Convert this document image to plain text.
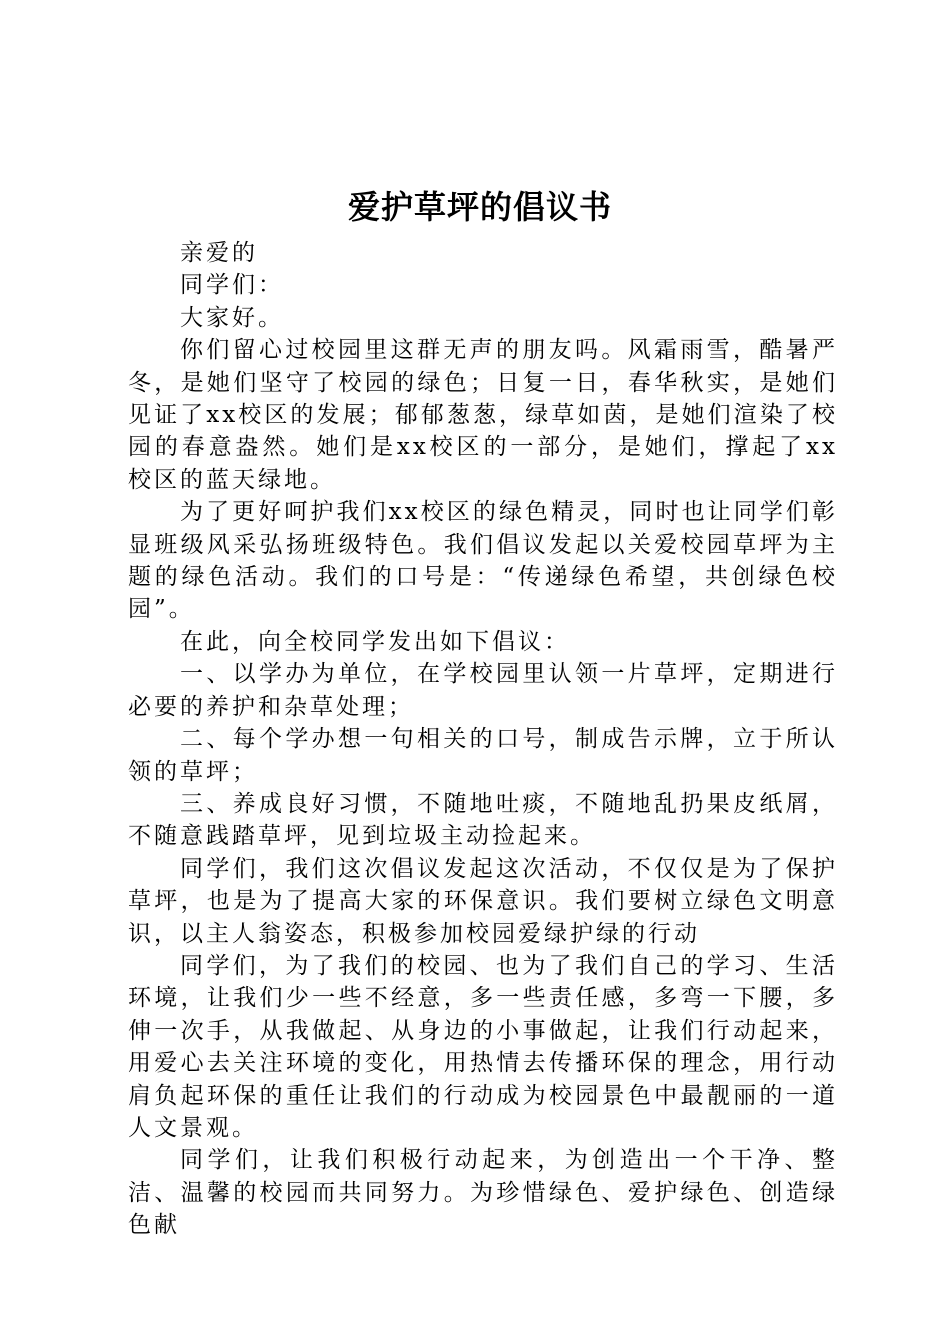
爱护草坪的倡议书

亲爱的

同学们：

大家好。

你们留心过校园里这群无声的朋友吗。风霜雨雪，酷暑严冬，是她们坚守了校园的绿色；日复一日，春华秋实，是她们见证了xx校区的发展；郁郁葱葱，绿草如茵，是她们渲染了校园的春意盎然。她们是xx校区的一部分，是她们，撑起了xx校区的蓝天绿地。

为了更好呵护我们xx校区的绿色精灵，同时也让同学们彰显班级风采弘扬班级特色。我们倡议发起以关爱校园草坪为主题的绿色活动。我们的口号是：“传递绿色希望，共创绿色校园”。

在此，向全校同学发出如下倡议：

一、以学办为单位，在学校园里认领一片草坪，定期进行必要的养护和杂草处理；

二、每个学办想一句相关的口号，制成告示牌，立于所认领的草坪；

三、养成良好习惯，不随地吐痰，不随地乱扔果皮纸屑，不随意践踏草坪，见到垃圾主动捡起来。

同学们，我们这次倡议发起这次活动，不仅仅是为了保护草坪，也是为了提高大家的环保意识。我们要树立绿色文明意识，以主人翁姿态，积极参加校园爱绿护绿的行动

同学们，为了我们的校园、也为了我们自己的学习、生活环境，让我们少一些不经意，多一些责任感，多弯一下腰，多伸一次手，从我做起、从身边的小事做起，让我们行动起来，用爱心去关注环境的变化，用热情去传播环保的理念，用行动肩负起环保的重任让我们的行动成为校园景色中最靓丽的一道人文景观。

同学们，让我们积极行动起来，为创造出一个干净、整洁、温馨的校园而共同努力。为珍惜绿色、爱护绿色、创造绿色献
